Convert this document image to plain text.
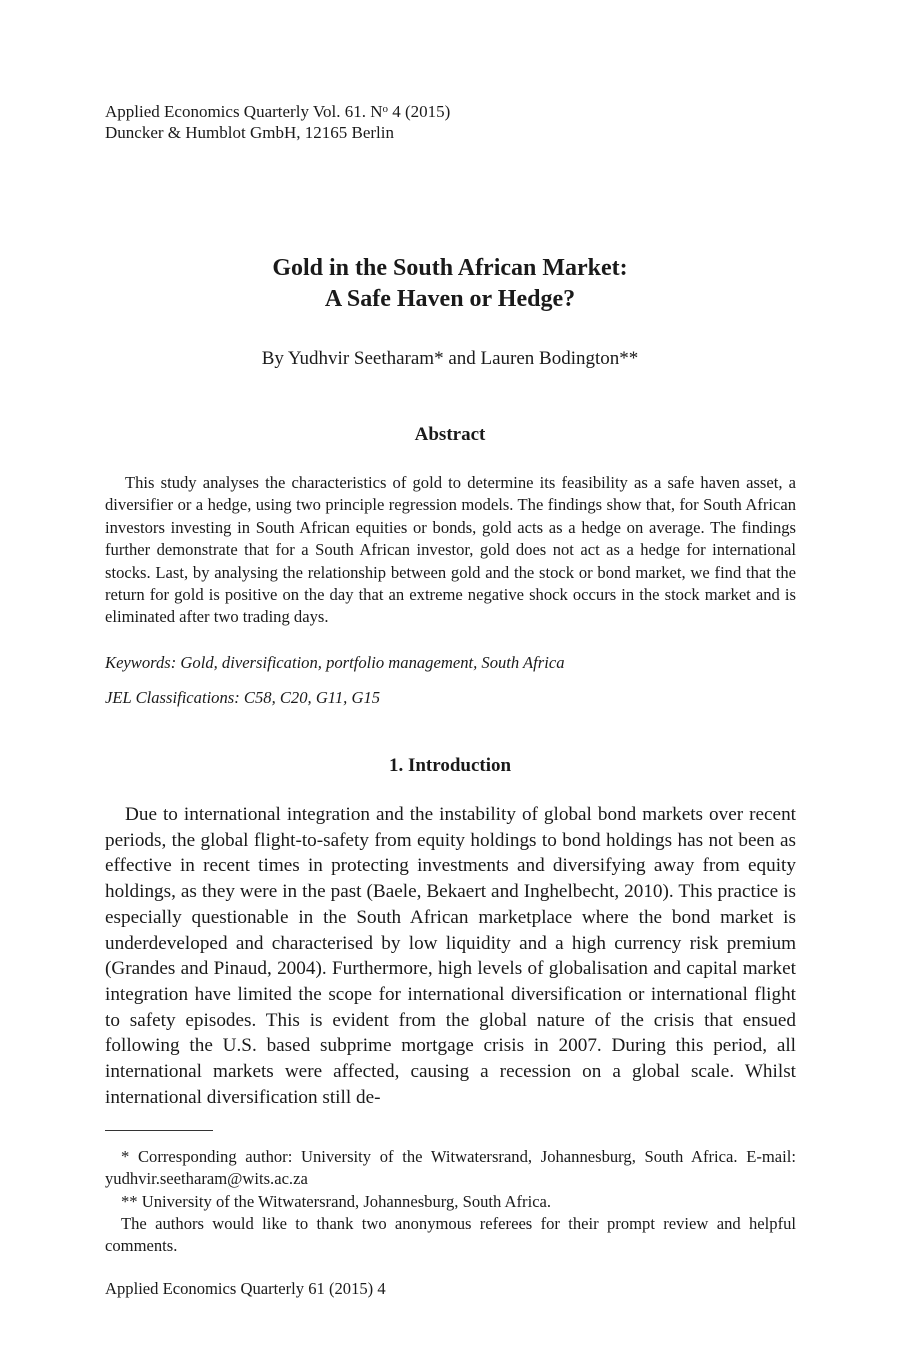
Applied Economics Quarterly Vol. 61. $N^o$ 4 (2015)
Duncker & Humblot GmbH, 12165 Berlin
Gold in the South African Market:
A Safe Haven or Hedge?
By Yudhvir Seetharam* and Lauren Bodington**
Abstract

This study analyses the characteristics of gold to determine its feasibility as a safe haven asset, a diversifier or a hedge, using two principle regression models. The findings show that, for South African investors investing in South African equities or bonds, gold acts as a hedge on average. The findings further demonstrate that for a South African investor, gold does not act as a hedge for international stocks. Last, by analysing the relationship between gold and the stock or bond market, we find that the return for gold is positive on the day that an extreme negative shock occurs in the stock market and is eliminated after two trading days.

Keywords: Gold, diversification, portfolio management, South Africa
JEL Classifications: C58, C20, G11, G15
1. Introduction

Due to international integration and the instability of global bond markets over recent periods, the global flight-to-safety from equity holdings to bond holdings has not been as effective in recent times in protecting investments and diversifying away from equity holdings, as they were in the past (Baele, Bekaert and Inghelbecht, 2010). This practice is especially questionable in the South African marketplace where the bond market is underdeveloped and characterised by low liquidity and a high currency risk premium (Grandes and Pinaud, 2004). Furthermore, high levels of globalisation and capital market integration have limited the scope for international diversification or international flight to safety episodes. This is evident from the global nature of the crisis that ensued following the U.S. based subprime mortgage crisis in 2007. During this period, all international markets were affected, causing a recession on a global scale. Whilst international diversification still de-

* Corresponding author: University of the Witwatersrand, Johannesburg, South Africa. E-mail: yudhvir.seetharam@wits.ac.za

** University of the Witwatersrand, Johannesburg, South Africa.

The authors would like to thank two anonymous referees for their prompt review and helpful comments.

Applied Economics Quarterly 61 (2015) 4
